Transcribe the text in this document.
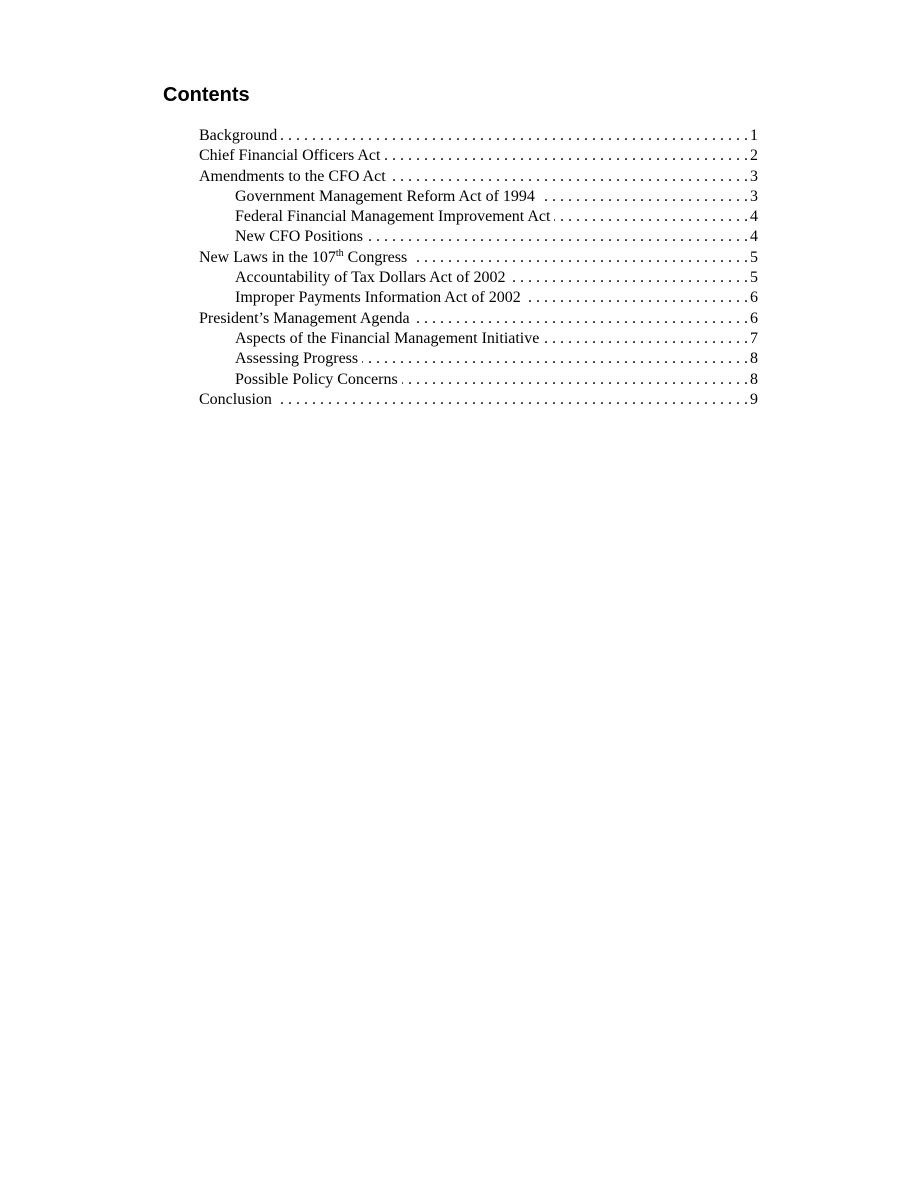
Contents
Background . . .	1
Chief Financial Officers Act . . .	2
Amendments to the CFO Act . . .	3
Government Management Reform Act of 1994 . . .	3
Federal Financial Management Improvement Act . . .	4
New CFO Positions . . .	4
New Laws in the 107th Congress . . .	5
Accountability of Tax Dollars Act of 2002 . . .	5
Improper Payments Information Act of 2002 . . .	6
President’s Management Agenda . . .	6
Aspects of the Financial Management Initiative . . .	7
Assessing Progress . . .	8
Possible Policy Concerns . . .	8
Conclusion . . .	9
